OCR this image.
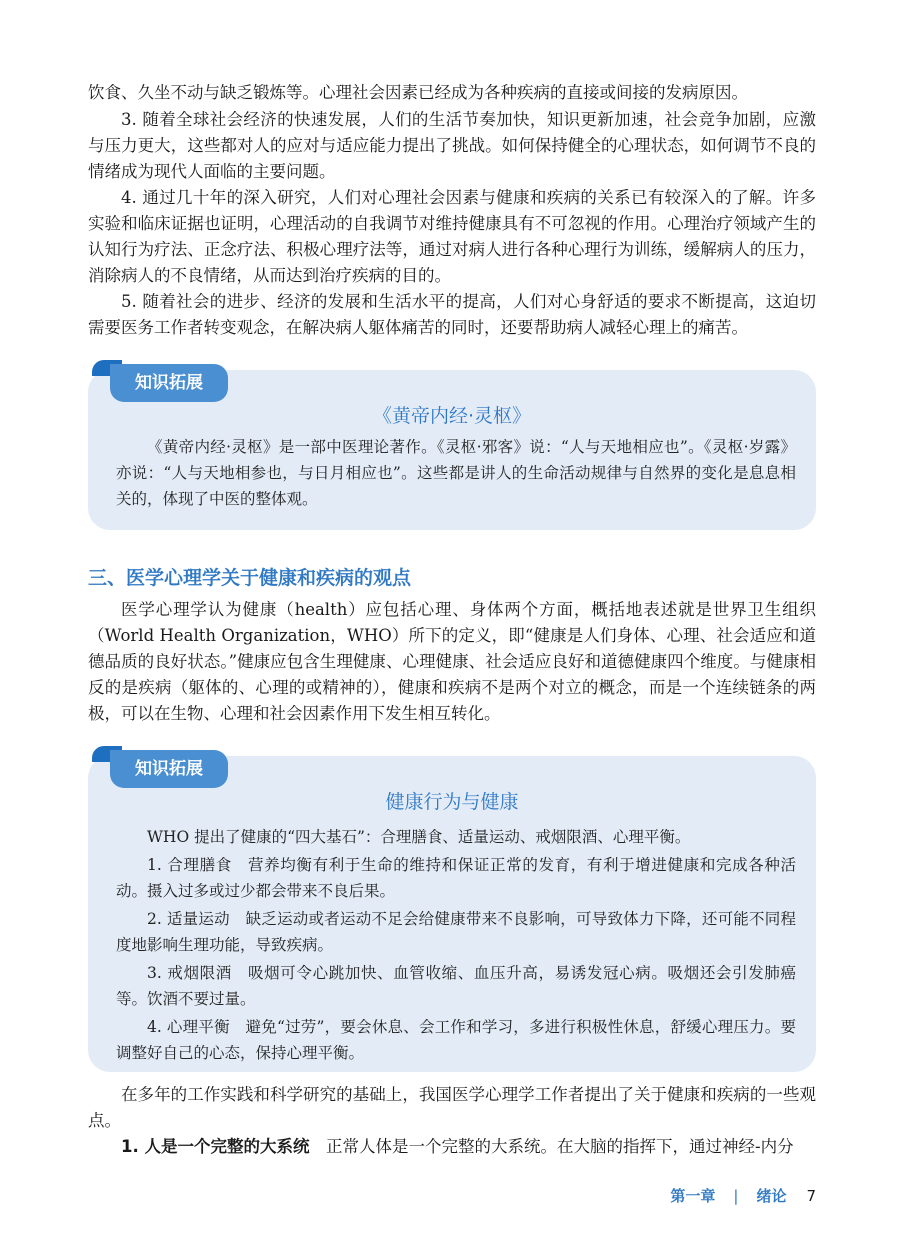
饮食、久坐不动与缺乏锻炼等。心理社会因素已经成为各种疾病的直接或间接的发病原因。

3. 随着全球社会经济的快速发展，人们的生活节奏加快，知识更新加速，社会竞争加剧，应激与压力更大，这些都对人的应对与适应能力提出了挑战。如何保持健全的心理状态，如何调节不良的情绪成为现代人面临的主要问题。

4. 通过几十年的深入研究，人们对心理社会因素与健康和疾病的关系已有较深入的了解。许多实验和临床证据也证明，心理活动的自我调节对维持健康具有不可忽视的作用。心理治疗领域产生的认知行为疗法、正念疗法、积极心理疗法等，通过对病人进行各种心理行为训练，缓解病人的压力，消除病人的不良情绪，从而达到治疗疾病的目的。

5. 随着社会的进步、经济的发展和生活水平的提高，人们对心身舒适的要求不断提高，这迫切需要医务工作者转变观念，在解决病人躯体痛苦的同时，还要帮助病人减轻心理上的痛苦。

知识拓展

《黄帝内经·灵枢》

《黄帝内经·灵枢》是一部中医理论著作。《灵枢·邪客》说：“人与天地相应也”。《灵枢·岁露》亦说：“人与天地相参也，与日月相应也”。这些都是讲人的生命活动规律与自然界的变化是息息相关的，体现了中医的整体观。

三、医学心理学关于健康和疾病的观点

医学心理学认为健康（health）应包括心理、身体两个方面，概括地表述就是世界卫生组织（World Health Organization，WHO）所下的定义，即“健康是人们身体、心理、社会适应和道德品质的良好状态。”健康应包含生理健康、心理健康、社会适应良好和道德健康四个维度。与健康相反的是疾病（躯体的、心理的或精神的），健康和疾病不是两个对立的概念，而是一个连续链条的两极，可以在生物、心理和社会因素作用下发生相互转化。

知识拓展

健康行为与健康

WHO 提出了健康的“四大基石”：合理膳食、适量运动、戒烟限酒、心理平衡。

1. 合理膳食　营养均衡有利于生命的维持和保证正常的发育，有利于增进健康和完成各种活动。摄入过多或过少都会带来不良后果。

2. 适量运动　缺乏运动或者运动不足会给健康带来不良影响，可导致体力下降，还可能不同程度地影响生理功能，导致疾病。

3. 戒烟限酒　吸烟可令心跳加快、血管收缩、血压升高，易诱发冠心病。吸烟还会引发肺癌等。饮酒不要过量。

4. 心理平衡　避免“过劳”，要会休息、会工作和学习，多进行积极性休息，舒缓心理压力。要调整好自己的心态，保持心理平衡。

在多年的工作实践和科学研究的基础上，我国医学心理学工作者提出了关于健康和疾病的一些观点。

1. 人是一个完整的大系统　正常人体是一个完整的大系统。在大脑的指挥下，通过神经-内分

第一章 | 绪论 7
